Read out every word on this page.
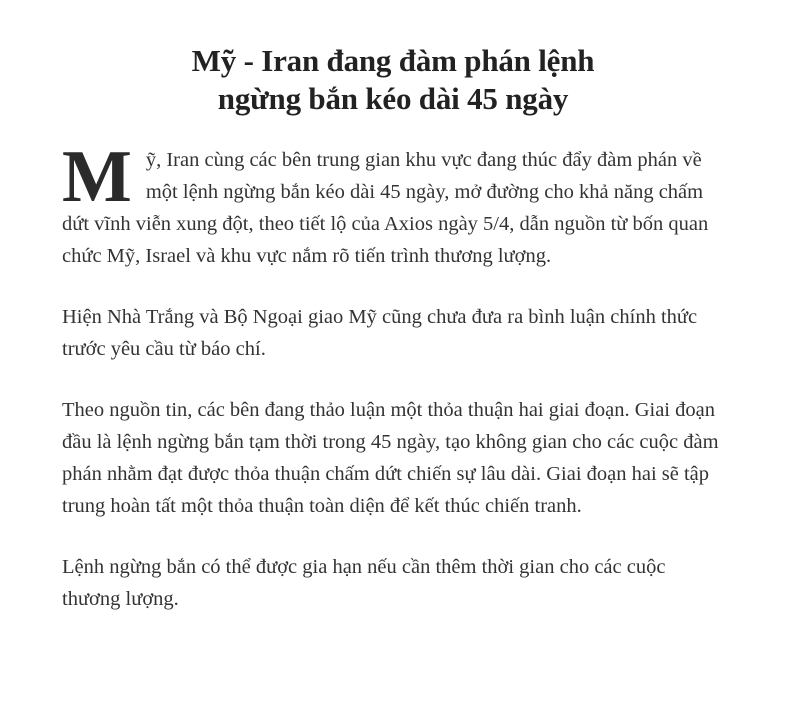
Mỹ - Iran đang đàm phán lệnh ngừng bắn kéo dài 45 ngày

Mỹ, Iran cùng các bên trung gian khu vực đang thúc đẩy đàm phán về một lệnh ngừng bắn kéo dài 45 ngày, mở đường cho khả năng chấm dứt vĩnh viễn xung đột, theo tiết lộ của Axios ngày 5/4, dẫn nguồn từ bốn quan chức Mỹ, Israel và khu vực nắm rõ tiến trình thương lượng.

Hiện Nhà Trắng và Bộ Ngoại giao Mỹ cũng chưa đưa ra bình luận chính thức trước yêu cầu từ báo chí.

Theo nguồn tin, các bên đang thảo luận một thỏa thuận hai giai đoạn. Giai đoạn đầu là lệnh ngừng bắn tạm thời trong 45 ngày, tạo không gian cho các cuộc đàm phán nhằm đạt được thỏa thuận chấm dứt chiến sự lâu dài. Giai đoạn hai sẽ tập trung hoàn tất một thỏa thuận toàn diện để kết thúc chiến tranh.

Lệnh ngừng bắn có thể được gia hạn nếu cần thêm thời gian cho các cuộc thương lượng.
